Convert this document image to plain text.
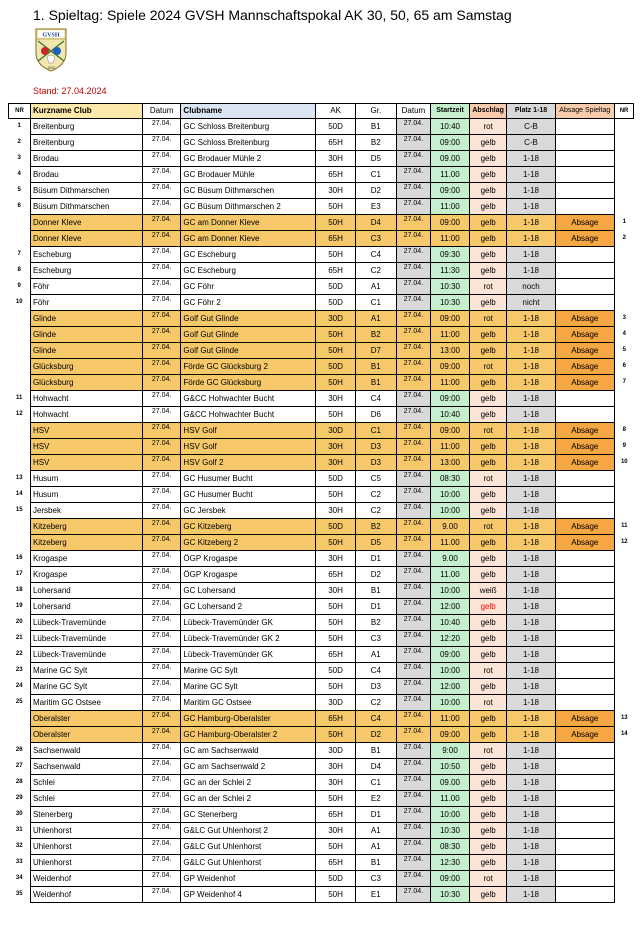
1. Spieltag: Spiele 2024 GVSH Mannschaftspokal AK 30, 50, 65 am Samstag
GVSH
1903
Stand: 27.04.2024
NR	Kurzname Club	Datum	Clubname	AK	Gr.	Datum	Startzeit	Abschlag	Platz 1-18	Absage Spieltag	NR
1	Breitenburg	27.04.	GC Schloss Breitenburg	50D	B1	27.04.	10:40	rot	C-B		
2	Breitenburg	27.04.	GC Schloss Breitenburg	65H	B2	27.04.	09:00	gelb	C-B		
3	Brodau	27.04.	GC Brodauer Mühle 2	30H	D5	27.04.	09.00	gelb	1-18		
4	Brodau	27.04.	GC Brodauer Mühle	65H	C1	27.04.	11.00	gelb	1-18		
5	Büsum Dithmarschen	27.04.	GC Büsum Dithmarschen	30H	D2	27.04.	09:00	gelb	1-18		
6	Büsum Dithmarschen	27.04.	GC Büsum Dithmarschen 2	50H	E3	27.04.	11:00	gelb	1-18		
	Donner Kleve	27.04.	GC am Donner Kleve	50H	D4	27.04.	09:00	gelb	1-18	Absage	1
	Donner Kleve	27.04.	GC am Donner Kleve	65H	C3	27.04.	11:00	gelb	1-18	Absage	2
7	Escheburg	27.04.	GC Escheburg	50H	C4	27.04.	09:30	gelb	1-18		
8	Escheburg	27.04.	GC Escheburg	65H	C2	27.04.	11:30	gelb	1-18		
9	Föhr	27.04.	GC Föhr	50D	A1	27.04.	10:30	rot	noch		
10	Föhr	27.04.	GC Föhr 2	50D	C1	27.04.	10:30	gelb	nicht		
	Glinde	27.04.	Golf Gut Glinde	30D	A1	27.04.	09:00	rot	1-18	Absage	3
	Glinde	27.04.	Golf Gut Glinde	50H	B2	27.04.	11:00	gelb	1-18	Absage	4
	Glinde	27.04.	Golf Gut Glinde	50H	D7	27.04.	13:00	gelb	1-18	Absage	5
	Glücksburg	27.04.	Förde GC Glücksburg 2	50D	B1	27.04.	09:00	rot	1-18	Absage	6
	Glücksburg	27.04.	Förde GC Glücksburg	50H	B1	27.04.	11:00	gelb	1-18	Absage	7
11	Hohwacht	27.04.	G&CC Hohwachter Bucht	30H	C4	27.04.	09:00	gelb	1-18		
12	Hohwacht	27.04.	G&CC Hohwachter Bucht	50H	D6	27.04.	10:40	gelb	1-18		
	HSV	27.04.	HSV Golf	30D	C1	27.04.	09:00	rot	1-18	Absage	8
	HSV	27.04.	HSV Golf	30H	D3	27.04.	11:00	gelb	1-18	Absage	9
	HSV	27.04.	HSV Golf 2	30H	D3	27.04.	13:00	gelb	1-18	Absage	10
13	Husum	27.04.	GC Husumer Bucht	50D	C5	27.04.	08:30	rot	1-18		
14	Husum	27.04.	GC Husumer Bucht	50H	C2	27.04.	10:00	gelb	1-18		
15	Jersbek	27.04.	GC Jersbek	30H	C2	27.04.	10:00	gelb	1-18		
	Kitzeberg	27.04.	GC Kitzeberg	50D	B2	27.04.	9.00	rot	1-18	Absage	11
	Kitzeberg	27.04.	GC Kitzeberg 2	50H	D5	27.04.	11.00	gelb	1-18	Absage	12
16	Krogaspe	27.04.	ÖGP Krogaspe	30H	D1	27.04.	9.00	gelb	1-18		
17	Krogaspe	27.04.	ÖGP Krogaspe	65H	D2	27.04.	11.00	gelb	1-18		
18	Lohersand	27.04.	GC Lohersand	30H	B1	27.04.	10:00	weiß	1-18		
19	Lohersand	27.04.	GC Lohersand 2	50H	D1	27.04.	12:00	gelb	1-18		
20	Lübeck-Travemünde	27.04.	Lübeck-Travemünder GK	50H	B2	27.04.	10:40	gelb	1-18		
21	Lübeck-Travemünde	27.04.	Lübeck-Travemünder GK 2	50H	C3	27.04.	12:20	gelb	1-18		
22	Lübeck-Travemünde	27.04.	Lübeck-Travemünder GK	65H	A1	27.04.	09:00	gelb	1-18		
23	Marine GC Sylt	27.04.	Marine GC Sylt	50D	C4	27.04.	10:00	rot	1-18		
24	Marine GC Sylt	27.04.	Marine GC Sylt	50H	D3	27.04.	12:00	gelb	1-18		
25	Maritim GC Ostsee	27.04.	Maritim GC Ostsee	30D	C2	27.04.	10:00	rot	1-18		
	Oberalster	27.04.	GC Hamburg-Oberalster	65H	C4	27.04.	11:00	gelb	1-18	Absage	13
	Oberalster	27.04.	GC Hamburg-Oberalster 2	50H	D2	27.04.	09:00	gelb	1-18	Absage	14
26	Sachsenwald	27.04.	GC am Sachsenwald	30D	B1	27.04.	9:00	rot	1-18		
27	Sachsenwald	27.04.	GC am Sachsenwald 2	30H	D4	27.04.	10:50	gelb	1-18		
28	Schlei	27.04.	GC an der Schlei 2	30H	C1	27.04.	09.00	gelb	1-18		
29	Schlei	27.04.	GC an der Schlei 2	50H	E2	27.04.	11.00	gelb	1-18		
30	Stenerberg	27.04.	GC Stenerberg	65H	D1	27.04.	10:00	gelb	1-18		
31	Uhlenhorst	27.04.	G&LC Gut Uhlenhorst 2	30H	A1	27.04.	10:30	gelb	1-18		
32	Uhlenhorst	27.04.	G&LC Gut Uhlenhorst	50H	A1	27.04.	08:30	gelb	1-18		
33	Uhlenhorst	27.04.	G&LC Gut Uhlenhorst	65H	B1	27.04.	12:30	gelb	1-18		
34	Weidenhof	27.04.	GP Weidenhof	50D	C3	27.04.	09:00	rot	1-18		
35	Weidenhof	27.04.	GP Weidenhof 4	50H	E1	27.04.	10:30	gelb	1-18		
